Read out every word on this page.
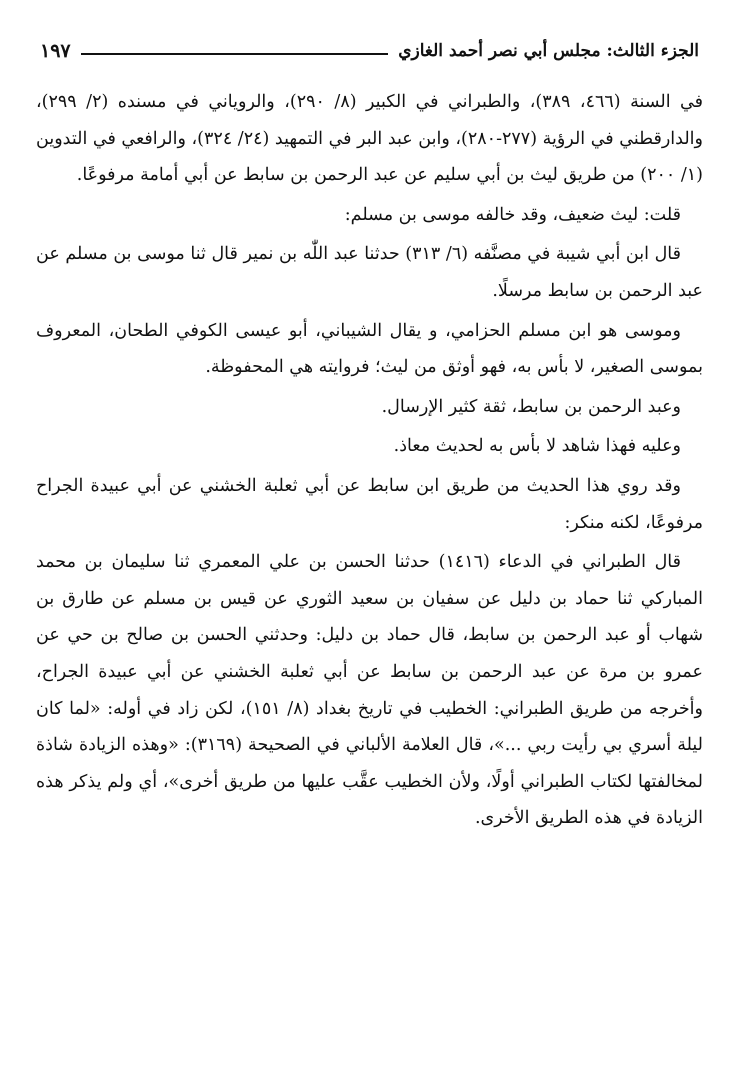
الجزء الثالث: مجلس أبي نصر أحمد الغازي
١٩٧

في السنة (٤٦٦، ٣٨٩)، والطبراني في الكبير (٨/ ٢٩٠)، والروياني في مسنده (٢/ ٢٩٩)، والدارقطني في الرؤية (٢٧٧-٢٨٠)، وابن عبد البر في التمهيد (٢٤/ ٣٢٤)، والرافعي في التدوين (١/ ٢٠٠) من طريق ليث بن أبي سليم عن عبد الرحمن بن سابط عن أبي أمامة مرفوعًا.

قلت: ليث ضعيف، وقد خالفه موسى بن مسلم:

قال ابن أبي شيبة في مصنَّفه (٦/ ٣١٣) حدثنا عبد اللّٰه بن نمير قال ثنا موسى بن مسلم عن عبد الرحمن بن سابط مرسلًا.

وموسى هو ابن مسلم الحزامي، و يقال الشيباني، أبو عيسى الكوفي الطحان، المعروف بموسى الصغير، لا بأس به، فهو أوثق من ليث؛ فروايته هي المحفوظة.

وعبد الرحمن بن سابط، ثقة كثير الإرسال.

وعليه فهذا شاهد لا بأس به لحديث معاذ.

وقد روي هذا الحديث من طريق ابن سابط عن أبي ثعلبة الخشني عن أبي عبيدة الجراح مرفوعًا، لكنه منكر:

قال الطبراني في الدعاء (١٤١٦) حدثنا الحسن بن علي المعمري ثنا سليمان بن محمد المباركي ثنا حماد بن دليل عن سفيان بن سعيد الثوري عن قيس بن مسلم عن طارق بن شهاب أو عبد الرحمن بن سابط، قال حماد بن دليل: وحدثني الحسن بن صالح بن حي عن عمرو بن مرة عن عبد الرحمن بن سابط عن أبي ثعلبة الخشني عن أبي عبيدة الجراح، وأخرجه من طريق الطبراني: الخطيب في تاريخ بغداد (٨/ ١٥١)، لكن زاد في أوله: «لما كان ليلة أسري بي رأيت ربي ...»، قال العلامة الألباني في الصحيحة (٣١٦٩): «وهذه الزيادة شاذة لمخالفتها لكتاب الطبراني أولًا، ولأن الخطيب عقَّب عليها من طريق أخرى»، أي ولم يذكر هذه الزيادة في هذه الطريق الأخرى.
